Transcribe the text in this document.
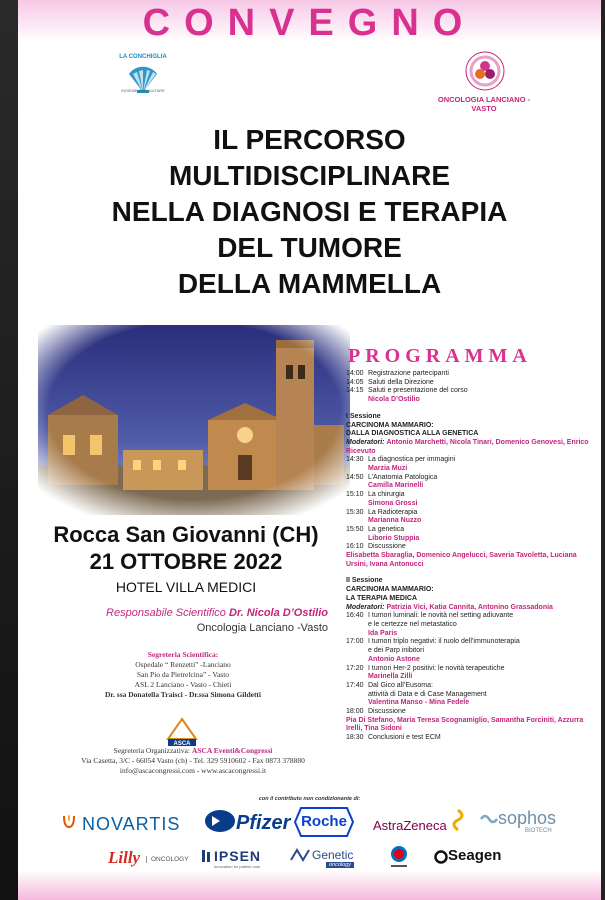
CONVEGNO
LA CONCHIGLIA
INSIEME PER AIUTARE
ONCOLOGIA LANCIANO - VASTO
IL PERCORSO
MULTIDISCIPLINARE
NELLA DIAGNOSI E TERAPIA
DEL TUMORE
DELLA MAMMELLA
Rocca San Giovanni (CH)
21 OTTOBRE 2022
HOTEL VILLA MEDICI
Responsabile Scientifico Dr. Nicola D’Ostilio
Oncologia Lanciano -Vasto
Segreteria Scientifica:
Ospedale “ Renzetti” -Lanciano
San Pio da Pietrelcina” - Vasto
ASL 2 Lanciano - Vasto - Chieti
Dr. ssa Donatella Traisci - Dr.ssa Simona Gildetti
ASCA
Segreteria Organizzativa: ASCA Eventi&Congressi
Via Casetta, 3/C - 66054 Vasto (ch) - Tel. 329 5910602 - Fax 0873 378880
info@ascacongressi.com - www.ascacongressi.it
PROGRAMMA
14:00 Registrazione partecipanti
14:05 Saluti della Direzione
14:15 Saluti e presentazione del corso
Nicola D’Ostilio
I Sessione
CARCINOMA MAMMARIO:
DALLA DIAGNOSTICA ALLA GENETICA
Moderatori: Antonio Marchetti, Nicola Tinari, Domenico Genovesi, Enrico Ricevuto
14:30 La diagnostica per immagini
Marzia Muzi
14:50 L’Anatomia Patologica
Camilla Marinelli
15:10 La chirurgia
Simona Grossi
15:30 La Radioterapia
Marianna Nuzzo
15:50 La genetica
Liborio Stuppia
16:10 Discussione
Elisabetta Sbaraglia, Domenico Angelucci, Saveria Tavoletta, Luciana Ursini, Ivana Antonucci
II Sessione
CARCINOMA MAMMARIO:
LA TERAPIA MEDICA
Moderatori: Patrizia Vici, Katia Cannita, Antonino Grassadonia
16:40 I tumori luminali: le novità nel setting adiuvante
e le certezze nel metastatico
Ida Paris
17:00 I tumori triplo negativi: il ruolo dell’immunoterapia
e dei Parp inibitori
Antonio Astone
17:20 I tumori Her-2 positivi: le novità terapeutiche
Marinella Zilli
17:40 Dal Gico all’Eusoma:
attività di Data e di Case Management
Valentina Manso - Mina Fedele
18:00 Discussione
Pia Di Stefano, Maria Teresa Scognamiglio, Samantha Forciniti, Azzurra Irelli, Tina Sidoni
18:30 Conclusioni e test ECM
con il contributo non condizionante di:
NOVARTIS	Pfizer Roche	AstraZeneca	sophos
BIOTECH
Lilly	ONCOLOGY IPSEN
Innovation for patient care
Genetic
oncology
Seagen
